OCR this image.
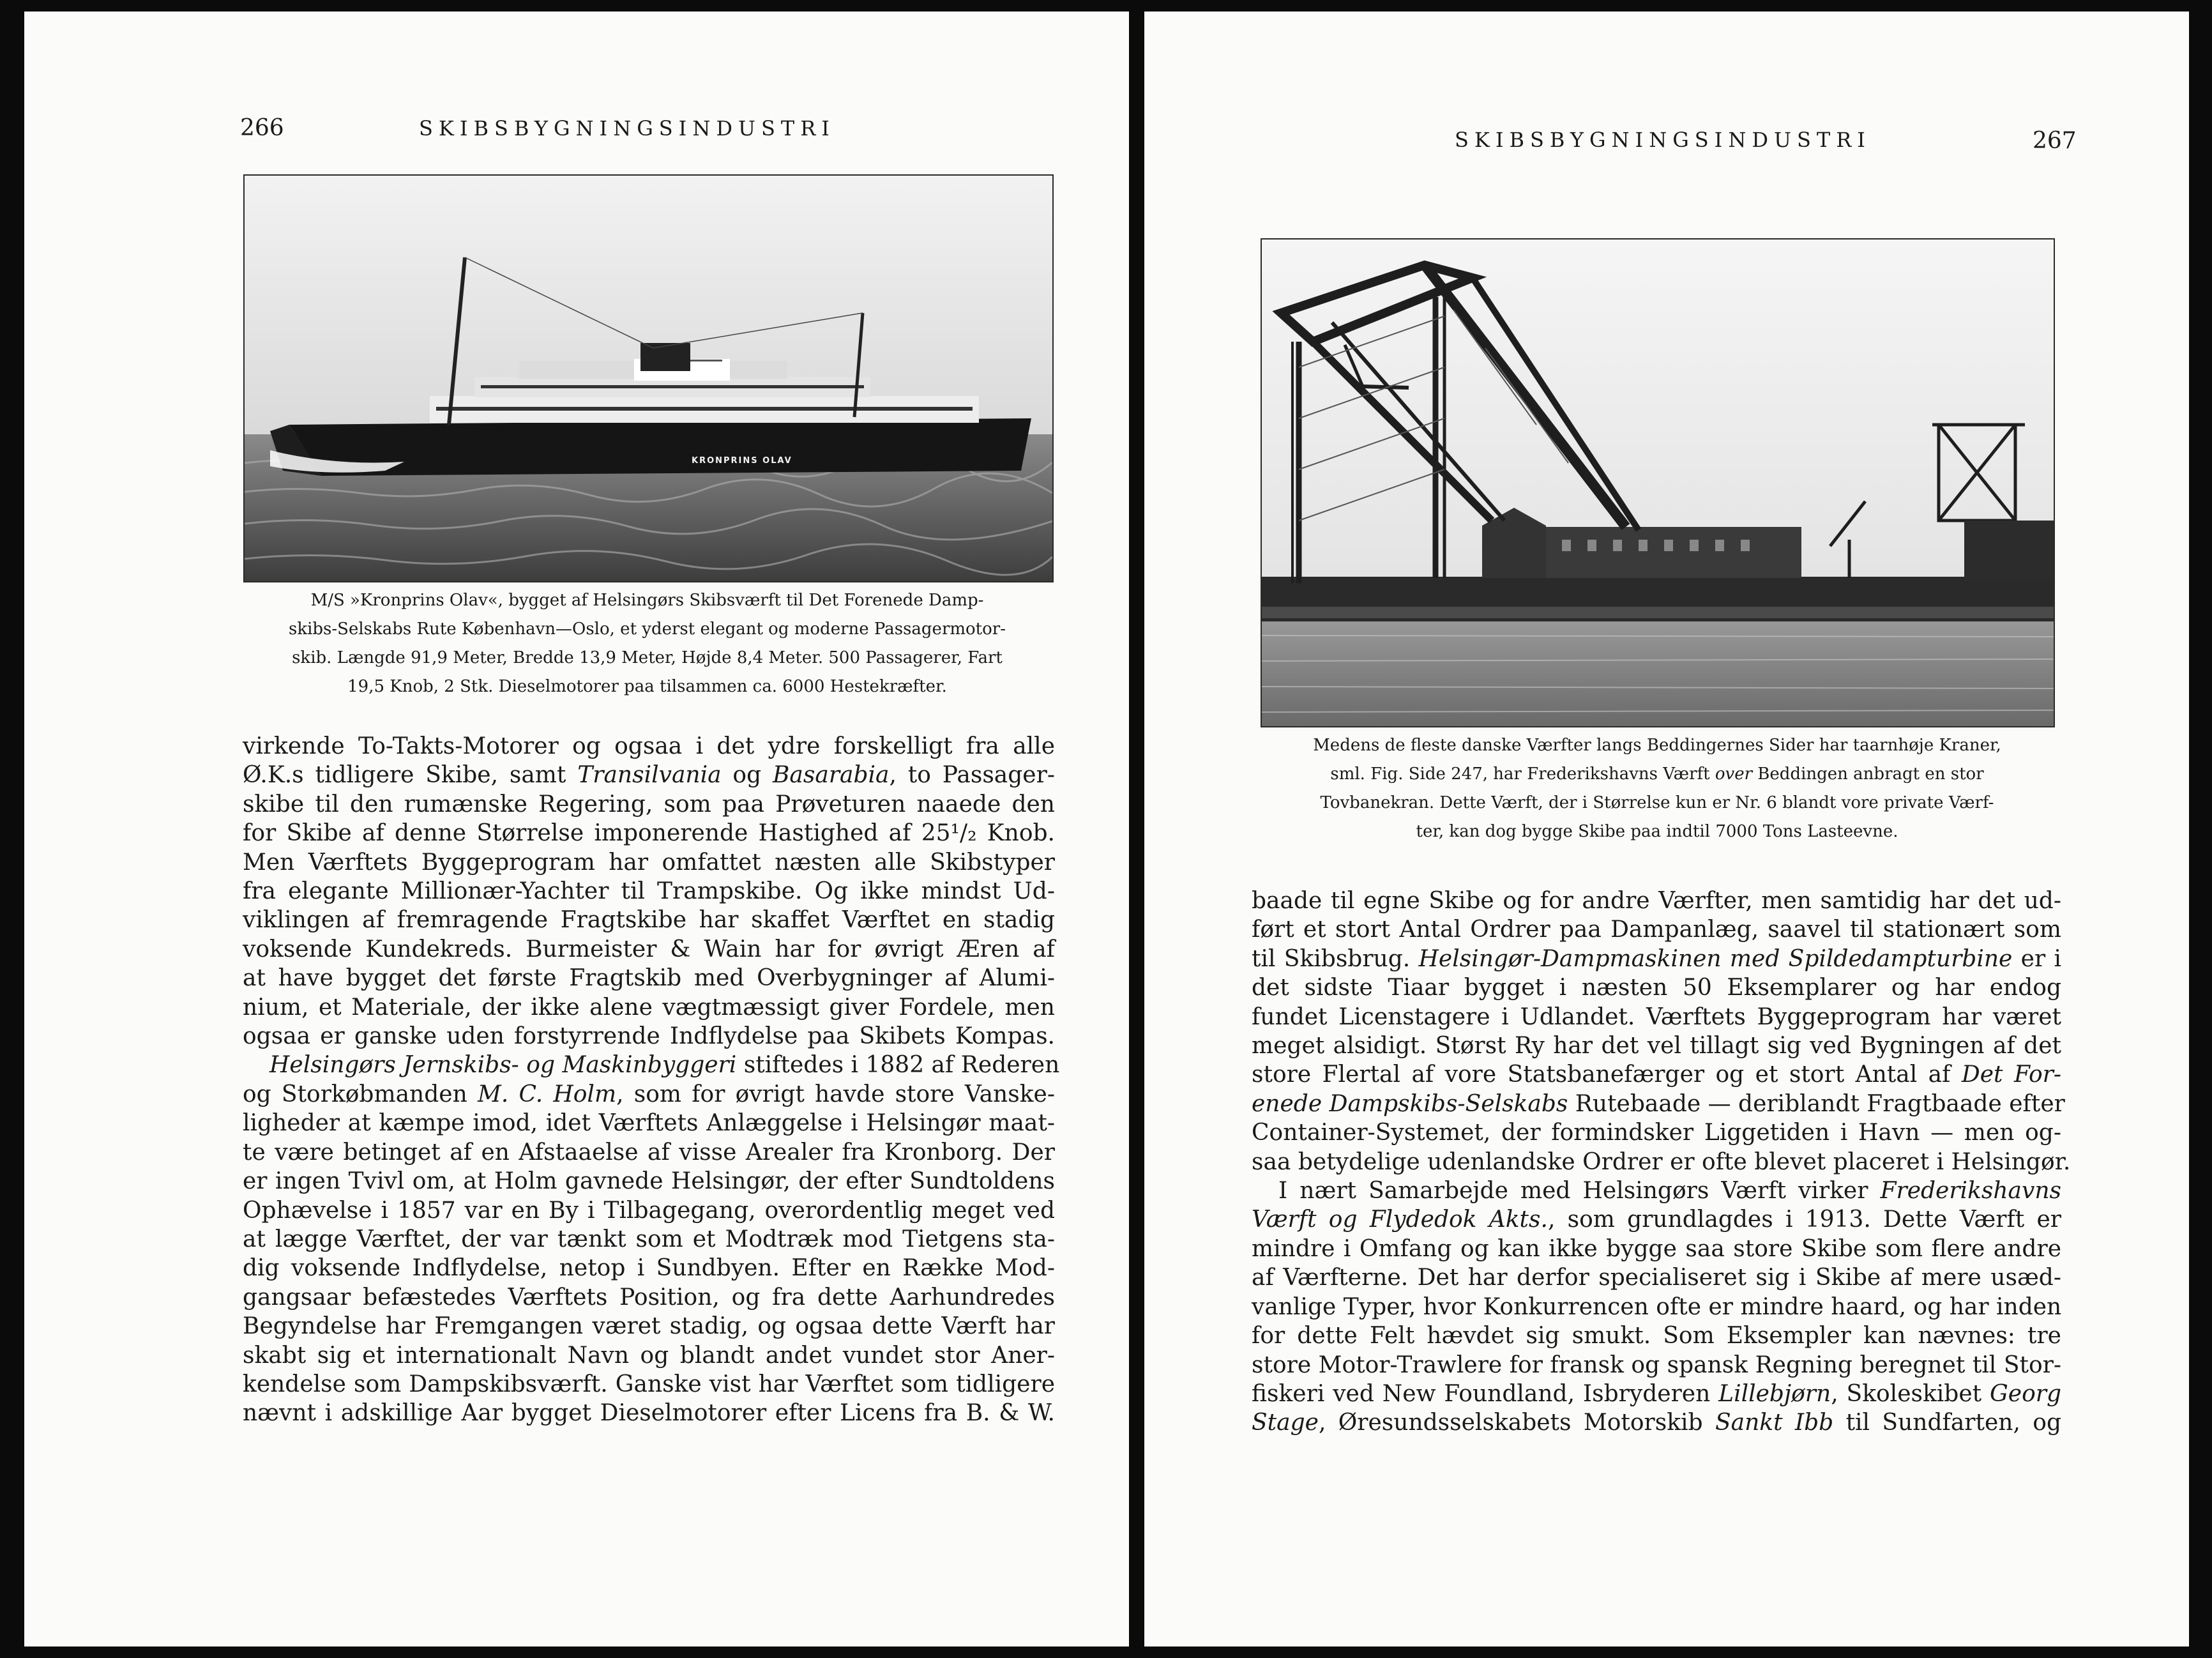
266	SKIBSBYGNINGSINDUSTRI
KRONPRINS OLAV
M/S »Kronprins Olav«, bygget af Helsingørs Skibsværft til Det Forenede Damp-
skibs-Selskabs Rute København—Oslo, et yderst elegant og moderne Passagermotor-
skib. Længde 91,9 Meter, Bredde 13,9 Meter, Højde 8,4 Meter. 500 Passagerer, Fart
19,5 Knob, 2 Stk. Dieselmotorer paa tilsammen ca. 6000 Hestekræfter.

virkende To-Takts-Motorer og ogsaa i det ydre forskelligt fra alle
Ø.K.s tidligere Skibe, samt Transilvania og Basarabia, to Passager-
skibe til den rumænske Regering, som paa Prøveturen naaede den
for Skibe af denne Størrelse imponerende Hastighed af 25¹/₂ Knob.
Men Værftets Byggeprogram har omfattet næsten alle Skibstyper
fra elegante Millionær-Yachter til Trampskibe. Og ikke mindst Ud-
viklingen af fremragende Fragtskibe har skaffet Værftet en stadig
voksende Kundekreds. Burmeister & Wain har for øvrigt Æren af
at have bygget det første Fragtskib med Overbygninger af Alumi-
nium, et Materiale, der ikke alene vægtmæssigt giver Fordele, men
ogsaa er ganske uden forstyrrende Indflydelse paa Skibets Kompas.

Helsingørs Jernskibs- og Maskinbyggeri stiftedes i 1882 af Rederen
og Storkøbmanden M. C. Holm, som for øvrigt havde store Vanske-
ligheder at kæmpe imod, idet Værftets Anlæggelse i Helsingør maat-
te være betinget af en Afstaaelse af visse Arealer fra Kronborg. Der
er ingen Tvivl om, at Holm gavnede Helsingør, der efter Sundtoldens
Ophævelse i 1857 var en By i Tilbagegang, overordentlig meget ved
at lægge Værftet, der var tænkt som et Modtræk mod Tietgens sta-
dig voksende Indflydelse, netop i Sundbyen. Efter en Række Mod-
gangsaar befæstedes Værftets Position, og fra dette Aarhundredes
Begyndelse har Fremgangen været stadig, og ogsaa dette Værft har
skabt sig et internationalt Navn og blandt andet vundet stor Aner-
kendelse som Dampskibsværft. Ganske vist har Værftet som tidligere
nævnt i adskillige Aar bygget Dieselmotorer efter Licens fra B. & W.

SKIBSBYGNINGSINDUSTRI	267
Medens de fleste danske Værfter langs Beddingernes Sider har taarnhøje Kraner,
sml. Fig. Side 247, har Frederikshavns Værft over Beddingen anbragt en stor
Tovbanekran. Dette Værft, der i Størrelse kun er Nr. 6 blandt vore private Værf-
ter, kan dog bygge Skibe paa indtil 7000 Tons Lasteevne.

baade til egne Skibe og for andre Værfter, men samtidig har det ud-
ført et stort Antal Ordrer paa Dampanlæg, saavel til stationært som
til Skibsbrug. Helsingør-Dampmaskinen med Spildedampturbine er i
det sidste Tiaar bygget i næsten 50 Eksemplarer og har endog
fundet Licenstagere i Udlandet. Værftets Byggeprogram har været
meget alsidigt. Størst Ry har det vel tillagt sig ved Bygningen af det
store Flertal af vore Statsbanefærger og et stort Antal af Det For-
enede Dampskibs-Selskabs Rutebaade — deriblandt Fragtbaade efter
Container-Systemet, der formindsker Liggetiden i Havn — men og-
saa betydelige udenlandske Ordrer er ofte blevet placeret i Helsingør.

I nært Samarbejde med Helsingørs Værft virker Frederikshavns
Værft og Flydedok Akts., som grundlagdes i 1913. Dette Værft er
mindre i Omfang og kan ikke bygge saa store Skibe som flere andre
af Værfterne. Det har derfor specialiseret sig i Skibe af mere usæd-
vanlige Typer, hvor Konkurrencen ofte er mindre haard, og har inden
for dette Felt hævdet sig smukt. Som Eksempler kan nævnes: tre
store Motor-Trawlere for fransk og spansk Regning beregnet til Stor-
fiskeri ved New Foundland, Isbryderen Lillebjørn, Skoleskibet Georg
Stage, Øresundsselskabets Motorskib Sankt Ibb til Sundfarten, og
